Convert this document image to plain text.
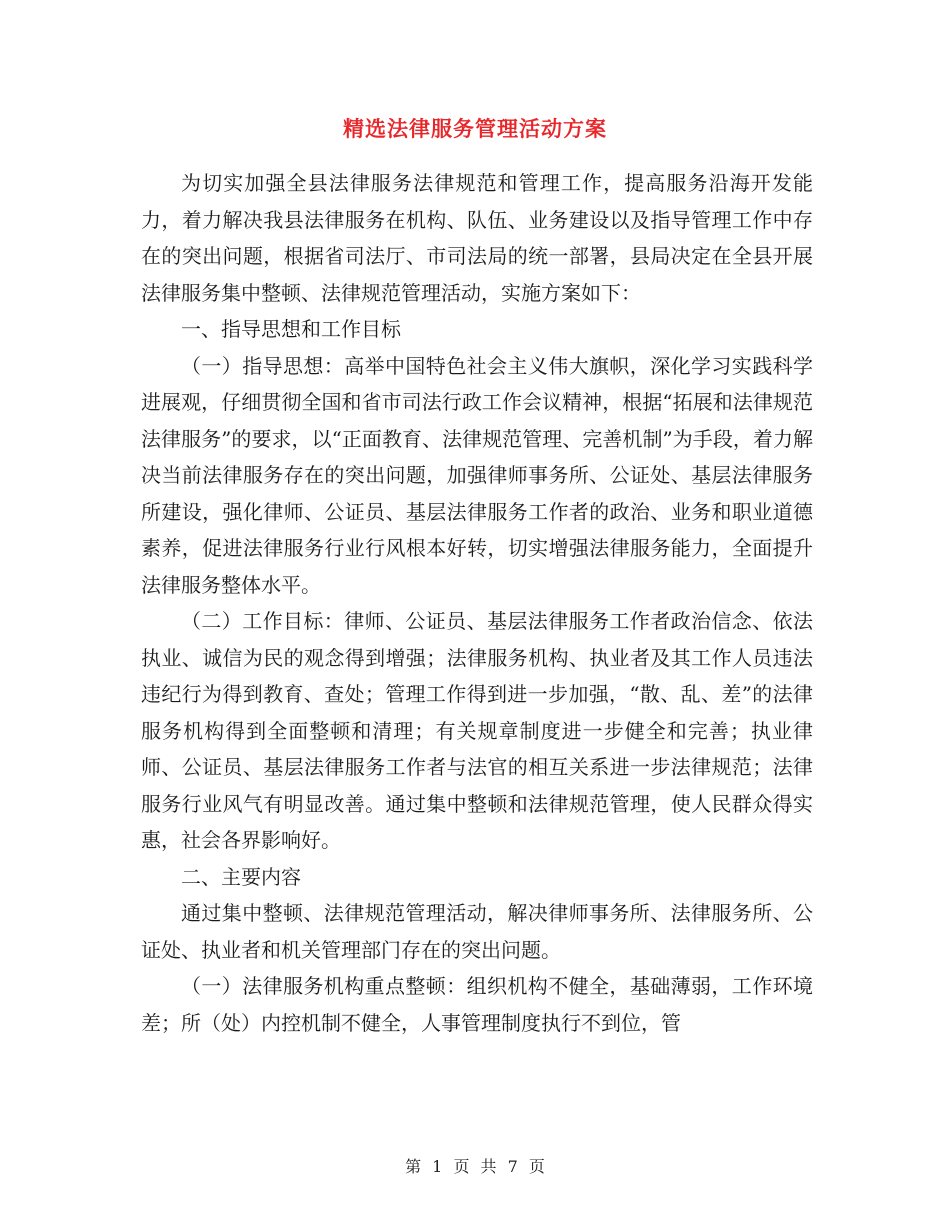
精选法律服务管理活动方案

为切实加强全县法律服务法律规范和管理工作，提高服务沿海开发能力，着力解决我县法律服务在机构、队伍、业务建设以及指导管理工作中存在的突出问题，根据省司法厅、市司法局的统一部署，县局决定在全县开展法律服务集中整顿、法律规范管理活动，实施方案如下：

一、指导思想和工作目标

（一）指导思想：高举中国特色社会主义伟大旗帜，深化学习实践科学进展观，仔细贯彻全国和省市司法行政工作会议精神，根据“拓展和法律规范法律服务”的要求，以“正面教育、法律规范管理、完善机制”为手段，着力解决当前法律服务存在的突出问题，加强律师事务所、公证处、基层法律服务所建设，强化律师、公证员、基层法律服务工作者的政治、业务和职业道德素养，促进法律服务行业行风根本好转，切实增强法律服务能力，全面提升法律服务整体水平。

（二）工作目标：律师、公证员、基层法律服务工作者政治信念、依法执业、诚信为民的观念得到增强；法律服务机构、执业者及其工作人员违法违纪行为得到教育、查处；管理工作得到进一步加强，“散、乱、差”的法律服务机构得到全面整顿和清理；有关规章制度进一步健全和完善；执业律师、公证员、基层法律服务工作者与法官的相互关系进一步法律规范；法律服务行业风气有明显改善。通过集中整顿和法律规范管理，使人民群众得实惠，社会各界影响好。

二、主要内容

通过集中整顿、法律规范管理活动，解决律师事务所、法律服务所、公证处、执业者和机关管理部门存在的突出问题。

（一）法律服务机构重点整顿：组织机构不健全，基础薄弱，工作环境差；所（处）内控机制不健全，人事管理制度执行不到位，管

第 1 页 共 7 页
